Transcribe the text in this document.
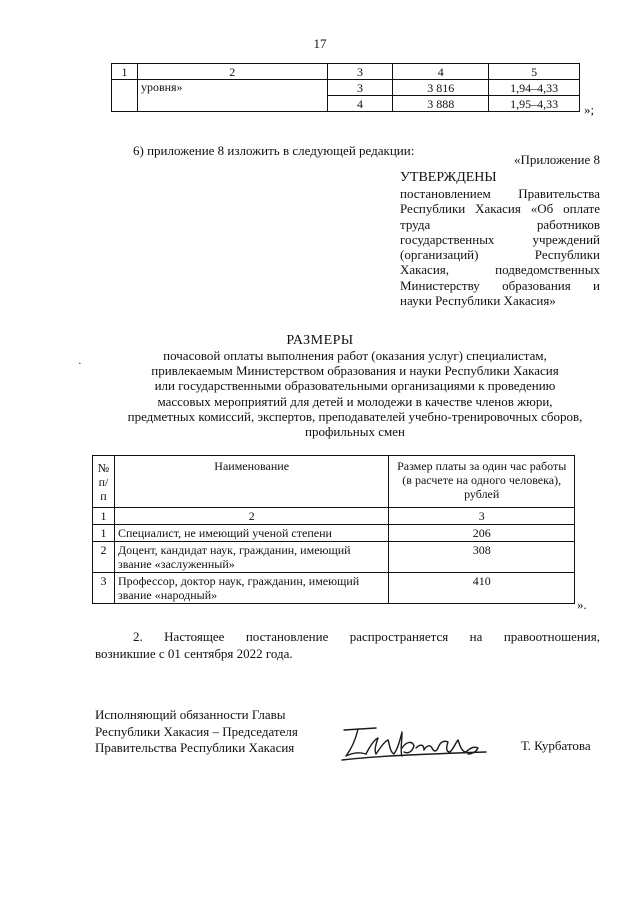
17
1	2	3	4	5
	уровня»	3	3 816	1,94–4,33
		4	3 888	1,95–4,33 »;
6) приложение 8 изложить в следующей редакции:
«Приложение 8
УТВЕРЖДЕНЫ
постановлением Правительства
Республики Хакасия «Об оплате
труда работников
государственных учреждений
(организаций) Республики
Хакасия, подведомственных
Министерству образования и
науки Республики Хакасия»
РАЗМЕРЫ
·
почасовой оплаты выполнения работ (оказания услуг) специалистам,
привлекаемым Министерством образования и науки Республики Хакасия
или государственными образовательными организациями к проведению
массовых мероприятий для детей и молодежи в качестве членов жюри,
предметных комиссий, экспертов, преподавателей учебно-тренировочных сборов,
профильных смен
№ п/п	Наименование	Размер платы за один час работы (в расчете на одного человека), рублей
1	2	3
1	Специалист, не имеющий ученой степени	206
2	Доцент, кандидат наук, гражданин, имеющий звание «заслуженный»	308
3	Профессор, доктор наук, гражданин, имеющий звание «народный»	410
».
2. Настоящее постановление распространяется на правоотношения,
возникшие с 01 сентября 2022 года.
Исполняющий обязанности Главы
Республики Хакасия – Председателя
Правительства Республики Хакасия	Т. Курбатова
